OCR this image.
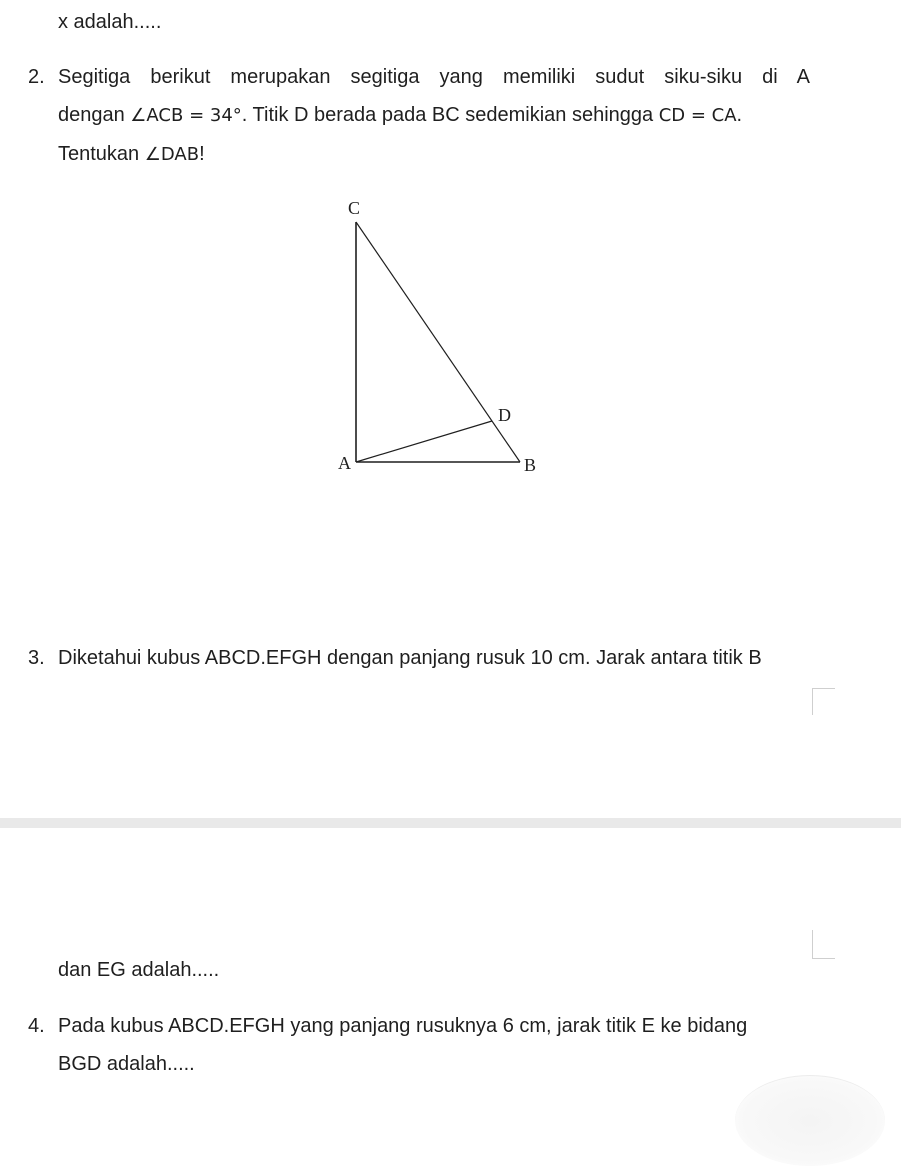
x adalah.....
2. Segitiga berikut merupakan segitiga yang memiliki sudut siku-siku di A
dengan ∠ACB = 34°. Titik D berada pada BC sedemikian sehingga CD = CA.
Tentukan ∠DAB!
C
D
A	B
3. Diketahui kubus ABCD.EFGH dengan panjang rusuk 10 cm. Jarak antara titik B
dan EG adalah.....
4. Pada kubus ABCD.EFGH yang panjang rusuknya 6 cm, jarak titik E ke bidang
BGD adalah.....
